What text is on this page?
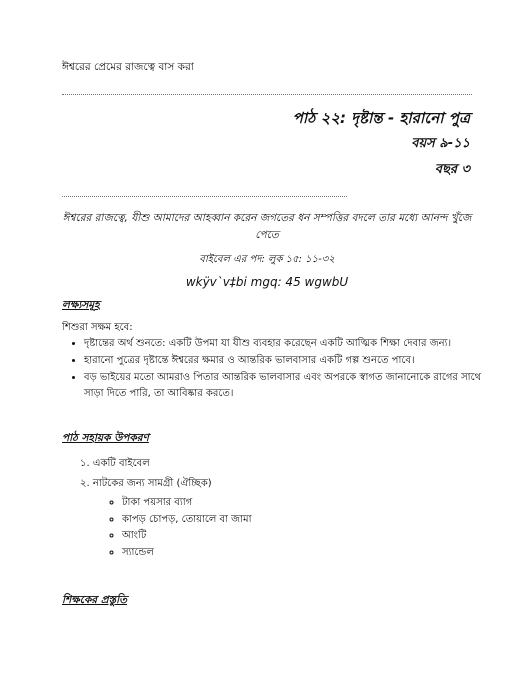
ঈশ্বরের প্রেমের রাজত্বে বাস করা
পাঠ ২২: দৃষ্টান্ত - হারানো পুত্র
বয়স ৯-১১
বছর ৩
ঈশ্বরের রাজত্বে, যীশু আমাদের আহব্বান করেন জগতের ধন সম্পত্তির বদলে তার মধ্যে আনন্দ খুঁজে পেতে
বাইবেল এর পদ: লুক ১৫: ১১-৩২
wkÿv`v‡bi mgq: 45 wgwbU
লক্ষ্যসমূহ
শিশুরা সক্ষম হবে:
• দৃষ্টান্তের অর্থ শুনতে: একটি উপমা যা যীশু ব্যবহার করেছেন একটি আত্মিক শিক্ষা দেবার জন্য।
• হারানো পুত্রের দৃষ্টান্তে ঈশ্বরের ক্ষমার ও আন্তরিক ভালবাসার একটি গল্প শুনতে পাবে।
• বড় ভাইয়ের মতো আমরাও পিতার আন্তরিক ভালবাসার এবং অপরকে স্বাগত জানানোকে রাগের সাথে সাড়া দিতে পারি, তা আবিষ্কার করতে।
পাঠ সহায়ক উপকরণ
১. একটি বাইবেল
২. নাটকের জন্য সামগ্রী (ঐচ্ছিক)
◦ টাকা পয়সার ব্যাগ
◦ কাপড় চোপড়, তোয়ালে বা জামা
◦ আংটি
◦ স্যান্ডেল
শিক্ষকের প্রস্তুতি
